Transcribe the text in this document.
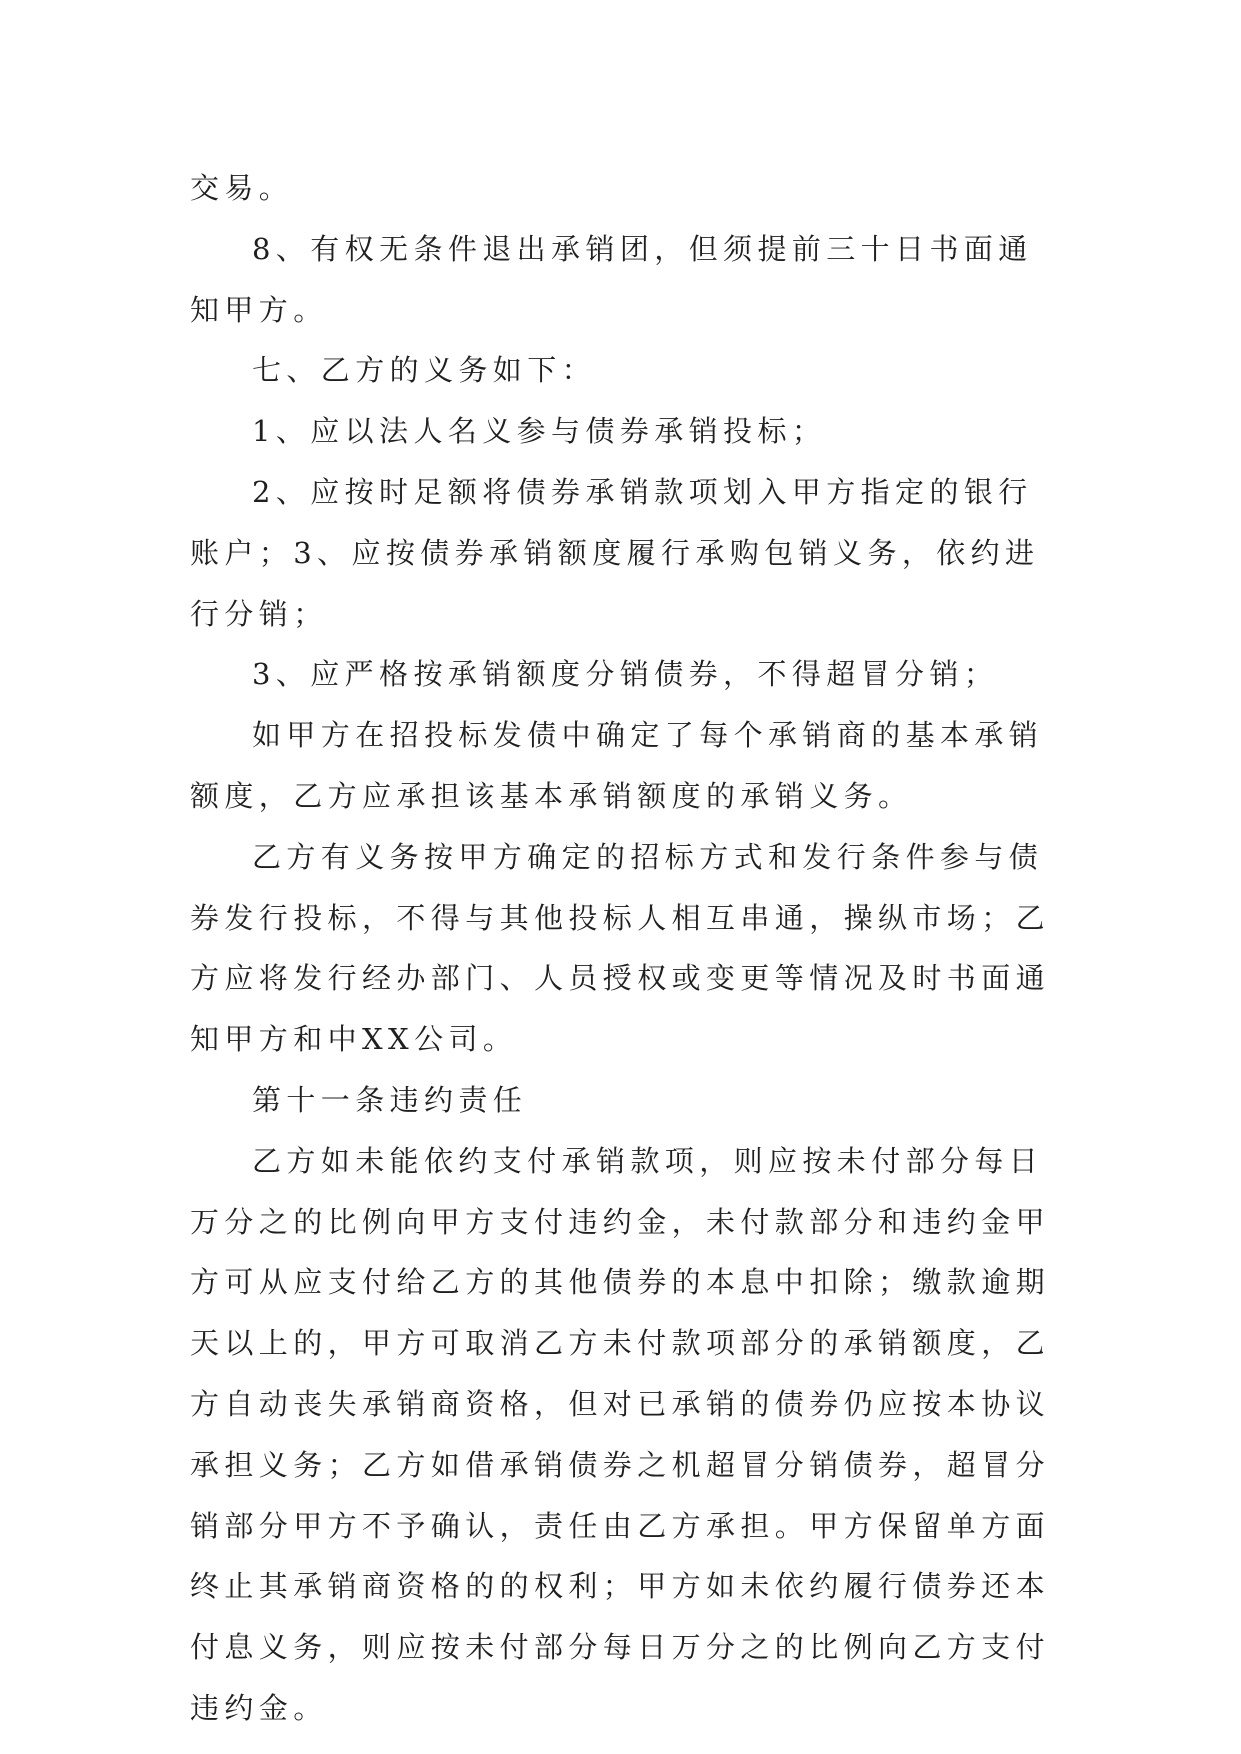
交易。

8、有权无条件退出承销团，但须提前三十日书面通知甲方。

七、乙方的义务如下：

1、应以法人名义参与债券承销投标；

2、应按时足额将债券承销款项划入甲方指定的银行账户；3、应按债券承销额度履行承购包销义务，依约进行分销；

3、应严格按承销额度分销债券，不得超冒分销；

如甲方在招投标发债中确定了每个承销商的基本承销额度，乙方应承担该基本承销额度的承销义务。

乙方有义务按甲方确定的招标方式和发行条件参与债券发行投标，不得与其他投标人相互串通，操纵市场；乙方应将发行经办部门、人员授权或变更等情况及时书面通知甲方和中XX公司。

第十一条违约责任

乙方如未能依约支付承销款项，则应按未付部分每日万分之的比例向甲方支付违约金，未付款部分和违约金甲方可从应支付给乙方的其他债券的本息中扣除；缴款逾期天以上的，甲方可取消乙方未付款项部分的承销额度，乙方自动丧失承销商资格，但对已承销的债券仍应按本协议承担义务；乙方如借承销债券之机超冒分销债券，超冒分销部分甲方不予确认，责任由乙方承担。甲方保留单方面终止其承销商资格的的权利；甲方如未依约履行债券还本付息义务，则应按未付部分每日万分之的比例向乙方支付违约金。
